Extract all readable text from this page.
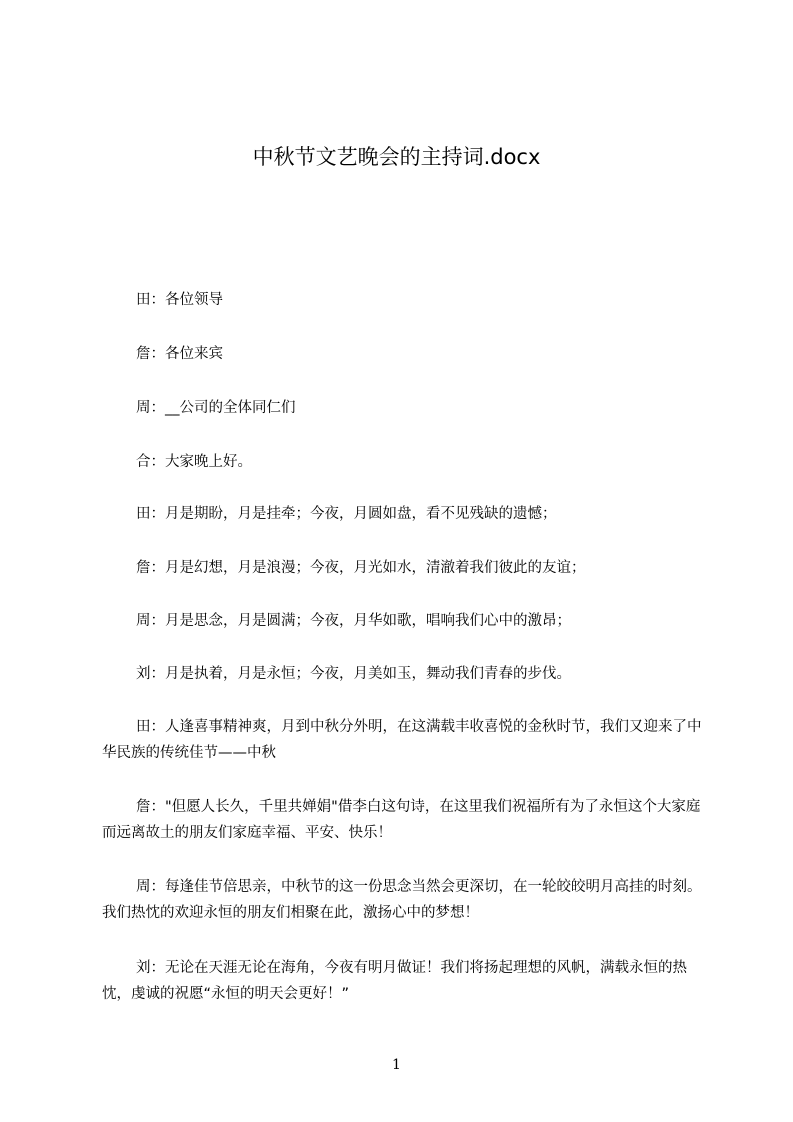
中秋节文艺晚会的主持词.docx

田：各位领导

詹：各位来宾

周：__公司的全体同仁们

合：大家晚上好。

田：月是期盼，月是挂牵；今夜，月圆如盘，看不见残缺的遗憾；

詹：月是幻想，月是浪漫；今夜，月光如水，清澈着我们彼此的友谊；

周：月是思念，月是圆满；今夜，月华如歌，唱响我们心中的激昂；

刘：月是执着，月是永恒；今夜，月美如玉，舞动我们青春的步伐。

田：人逢喜事精神爽，月到中秋分外明，在这满载丰收喜悦的金秋时节，我们又迎来了中华民族的传统佳节——中秋

詹："但愿人长久，千里共婵娟"借李白这句诗，在这里我们祝福所有为了永恒这个大家庭而远离故土的朋友们家庭幸福、平安、快乐！

周：每逢佳节倍思亲，中秋节的这一份思念当然会更深切，在一轮皎皎明月高挂的时刻。我们热忱的欢迎永恒的朋友们相聚在此，激扬心中的梦想！

刘：无论在天涯无论在海角，今夜有明月做证！我们将扬起理想的风帆，满载永恒的热忱，虔诚的祝愿“永恒的明天会更好！”

1
